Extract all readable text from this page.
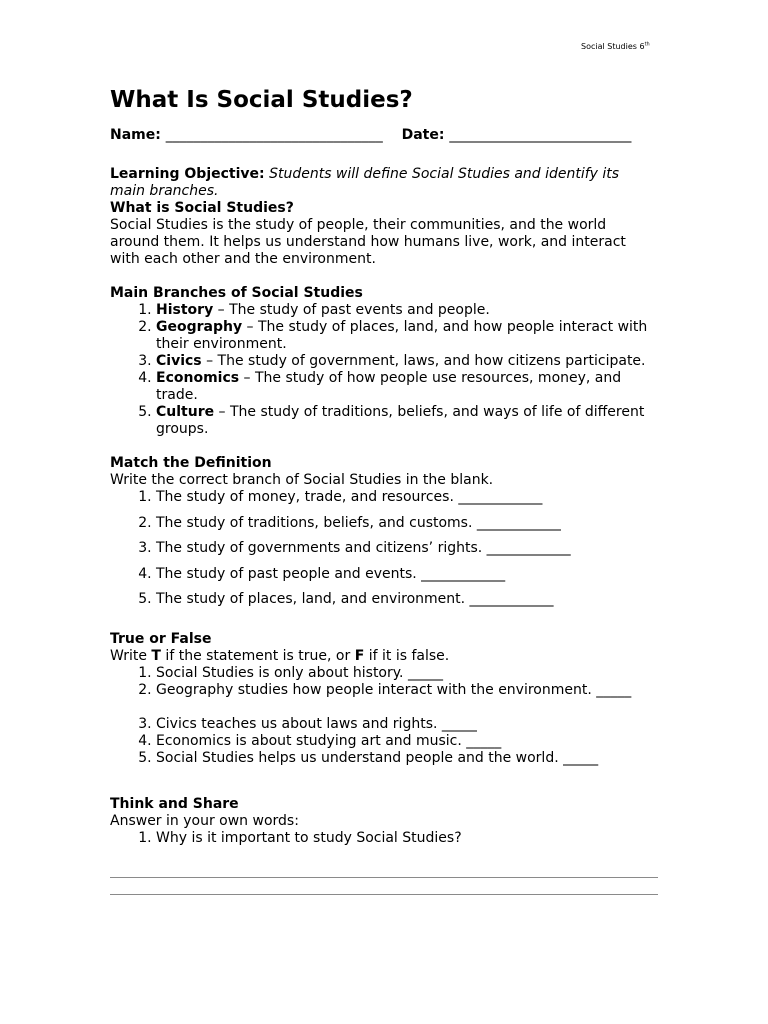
Social Studies 6th
What Is Social Studies?
Name: _______________________________ Date: __________________________
Learning Objective: Students will define Social Studies and identify its main branches.

What is Social Studies?

Social Studies is the study of people, their communities, and the world around them. It helps us understand how humans live, work, and interact with each other and the environment.

Main Branches of Social Studies

1. History – The study of past events and people.
2. Geography – The study of places, land, and how people interact with their environment.
3. Civics – The study of government, laws, and how citizens participate.
4. Economics – The study of how people use resources, money, and trade.
5. Culture – The study of traditions, beliefs, and ways of life of different groups.

Match the Definition

Write the correct branch of Social Studies in the blank.

1. The study of money, trade, and resources. ____________
2. The study of traditions, beliefs, and customs. ____________
3. The study of governments and citizens’ rights. ____________
4. The study of past people and events. ____________
5. The study of places, land, and environment. ____________

True or False

Write T if the statement is true, or F if it is false.

1. Social Studies is only about history. _____
2. Geography studies how people interact with the environment. _____
3. Civics teaches us about laws and rights. _____
4. Economics is about studying art and music. _____
5. Social Studies helps us understand people and the world. _____

Think and Share

Answer in your own words:

1. Why is it important to study Social Studies?
